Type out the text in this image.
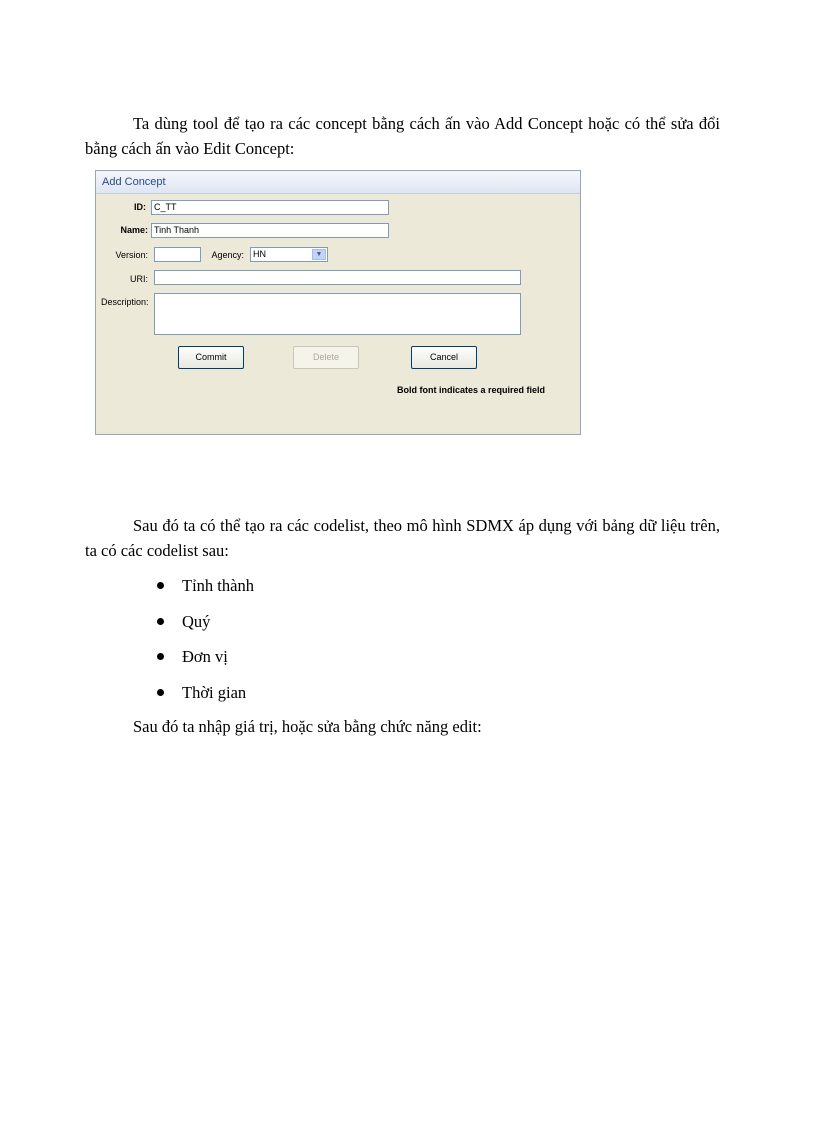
Ta dùng tool để tạo ra các concept bằng cách ấn vào Add Concept hoặc có thể sửa đổi bằng cách ấn vào Edit Concept:
Add Concept
ID: C_TT
Name: Tinh Thanh
Version:	Agency:	HN	▼
URI:
Description:
Commit	Delete	Cancel
Bold font indicates a required field
Sau đó ta có thể tạo ra các codelist, theo mô hình SDMX áp dụng với bảng dữ liệu trên, ta có các codelist sau:
Tỉnh thành
Quý
Đơn vị
Thời gian
Sau đó ta nhập giá trị, hoặc sửa bằng chức năng edit:
